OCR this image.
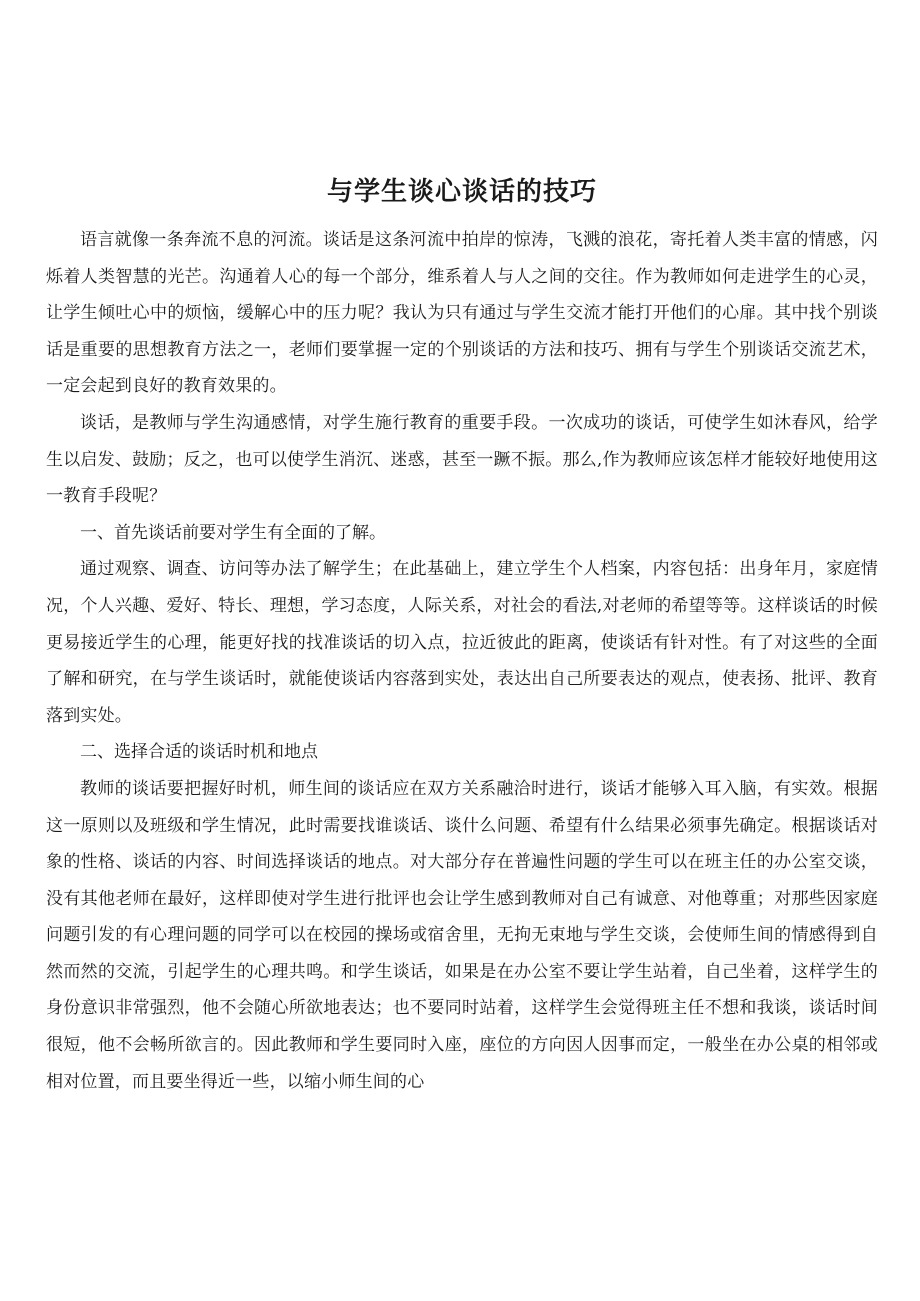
与学生谈心谈话的技巧

语言就像一条奔流不息的河流。谈话是这条河流中拍岸的惊涛，飞溅的浪花，寄托着人类丰富的情感，闪烁着人类智慧的光芒。沟通着人心的每一个部分，维系着人与人之间的交往。作为教师如何走进学生的心灵，让学生倾吐心中的烦恼，缓解心中的压力呢？我认为只有通过与学生交流才能打开他们的心扉。其中找个别谈话是重要的思想教育方法之一，老师们要掌握一定的个别谈话的方法和技巧、拥有与学生个别谈话交流艺术，一定会起到良好的教育效果的。

谈话，是教师与学生沟通感情，对学生施行教育的重要手段。一次成功的谈话，可使学生如沐春风，给学生以启发、鼓励；反之，也可以使学生消沉、迷惑，甚至一蹶不振。那么,作为教师应该怎样才能较好地使用这一教育手段呢？

一、首先谈话前要对学生有全面的了解。

通过观察、调查、访问等办法了解学生；在此基础上，建立学生个人档案，内容包括：出身年月，家庭情况，个人兴趣、爱好、特长、理想，学习态度，人际关系，对社会的看法,对老师的希望等等。这样谈话的时候更易接近学生的心理，能更好找的找准谈话的切入点，拉近彼此的距离，使谈话有针对性。有了对这些的全面了解和研究，在与学生谈话时，就能使谈话内容落到实处，表达出自己所要表达的观点，使表扬、批评、教育落到实处。

二、选择合适的谈话时机和地点

教师的谈话要把握好时机，师生间的谈话应在双方关系融洽时进行，谈话才能够入耳入脑，有实效。根据这一原则以及班级和学生情况，此时需要找谁谈话、谈什么问题、希望有什么结果必须事先确定。根据谈话对象的性格、谈话的内容、时间选择谈话的地点。对大部分存在普遍性问题的学生可以在班主任的办公室交谈，没有其他老师在最好，这样即使对学生进行批评也会让学生感到教师对自己有诚意、对他尊重；对那些因家庭问题引发的有心理问题的同学可以在校园的操场或宿舍里，无拘无束地与学生交谈，会使师生间的情感得到自然而然的交流，引起学生的心理共鸣。和学生谈话，如果是在办公室不要让学生站着，自己坐着，这样学生的身份意识非常强烈，他不会随心所欲地表达；也不要同时站着，这样学生会觉得班主任不想和我谈，谈话时间很短，他不会畅所欲言的。因此教师和学生要同时入座，座位的方向因人因事而定，一般坐在办公桌的相邻或相对位置，而且要坐得近一些，以缩小师生间的心
